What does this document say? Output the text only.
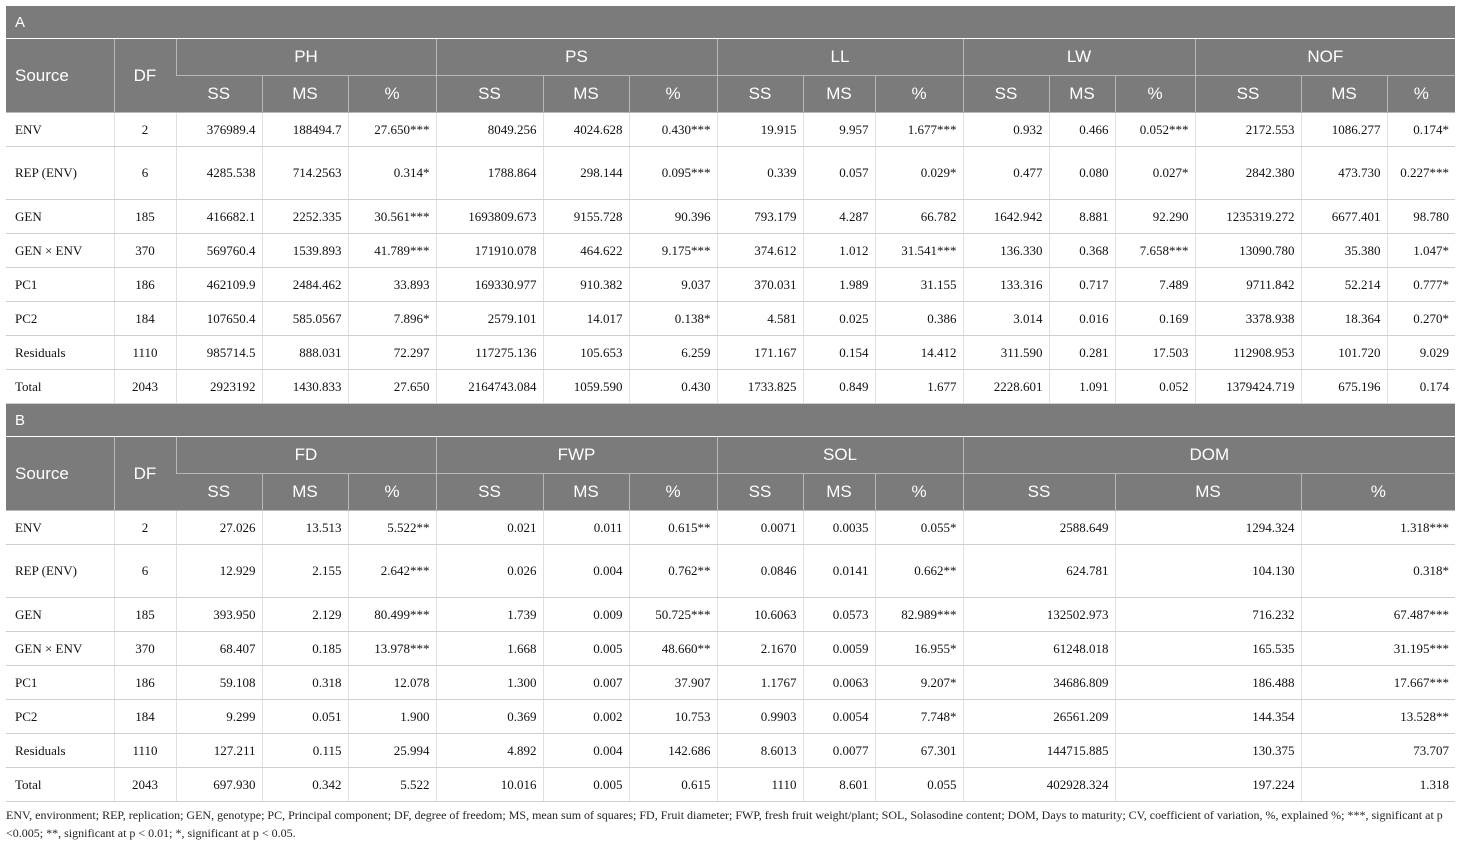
A																
Source	DF	PH			PS			LL			LW			NOF		
		SS	MS	%	SS	MS	%	SS	MS	%	SS	MS	%	SS	MS	%
ENV	2	376989.4	188494.7	27.650***	8049.256	4024.628	0.430***	19.915	9.957	1.677***	0.932	0.466	0.052***	2172.553	1086.277	0.174*
REP (ENV)	6	4285.538	714.2563	0.314*	1788.864	298.144	0.095***	0.339	0.057	0.029*	0.477	0.080	0.027*	2842.380	473.730	0.227***
GEN	185	416682.1	2252.335	30.561***	1693809.673	9155.728	90.396	793.179	4.287	66.782	1642.942	8.881	92.290	1235319.272	6677.401	98.780
GEN × ENV	370	569760.4	1539.893	41.789***	171910.078	464.622	9.175***	374.612	1.012	31.541***	136.330	0.368	7.658***	13090.780	35.380	1.047*
PC1	186	462109.9	2484.462	33.893	169330.977	910.382	9.037	370.031	1.989	31.155	133.316	0.717	7.489	9711.842	52.214	0.777*
PC2	184	107650.4	585.0567	7.896*	2579.101	14.017	0.138*	4.581	0.025	0.386	3.014	0.016	0.169	3378.938	18.364	0.270*
Residuals	1110	985714.5	888.031	72.297	117275.136	105.653	6.259	171.167	0.154	14.412	311.590	0.281	17.503	112908.953	101.720	9.029
Total	2043	2923192	1430.833	27.650	2164743.084	1059.590	0.430	1733.825	0.849	1.677	2228.601	1.091	0.052	1379424.719	675.196	0.174
B																
Source	DF	FD			FWP			SOL			DOM					
		SS	MS	%	SS	MS	%	SS	MS	%	SS		MS		%	
ENV	2	27.026	13.513	5.522**	0.021	0.011	0.615**	0.0071	0.0035	0.055*	2588.649		1294.324		1.318***	
REP (ENV)	6	12.929	2.155	2.642***	0.026	0.004	0.762**	0.0846	0.0141	0.662**	624.781		104.130		0.318*	
GEN	185	393.950	2.129	80.499***	1.739	0.009	50.725***	10.6063	0.0573	82.989***	132502.973		716.232		67.487***	
GEN × ENV	370	68.407	0.185	13.978***	1.668	0.005	48.660**	2.1670	0.0059	16.955*	61248.018		165.535		31.195***	
PC1	186	59.108	0.318	12.078	1.300	0.007	37.907	1.1767	0.0063	9.207*	34686.809		186.488		17.667***	
PC2	184	9.299	0.051	1.900	0.369	0.002	10.753	0.9903	0.0054	7.748*	26561.209		144.354		13.528**	
Residuals	1110	127.211	0.115	25.994	4.892	0.004	142.686	8.6013	0.0077	67.301	144715.885		130.375		73.707	
Total	2043	697.930	0.342	5.522	10.016	0.005	0.615	1110	8.601	0.055	402928.324		197.224		1.318	
ENV, environment; REP, replication; GEN, genotype; PC, Principal component; DF, degree of freedom; MS, mean sum of squares; FD, Fruit diameter; FWP, fresh fruit weight/plant; SOL, Solasodine content; DOM, Days to maturity; CV, coefficient of variation, %, explained %; ***, significant at p <0.005; **, significant at p < 0.01; *, significant at p < 0.05.
